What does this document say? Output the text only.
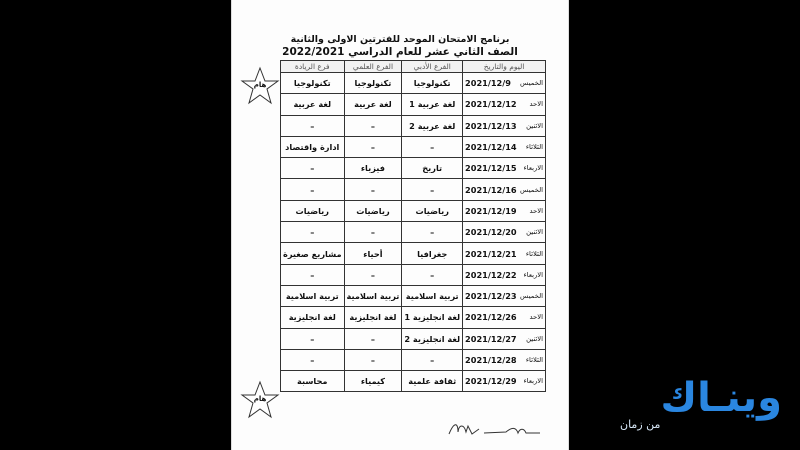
برنامج الامتحان الموحد للفترتين الاولى والثانية
الصف الثاني عشر للعام الدراسي 2022/2021
اليوم والتاريخ	الفرع الأدبي	الفرع العلمي	فرع الريادة

الخميس
2021/12/9	تكنولوجيا	تكنولوجيا	تكنولوجيا

الاحد
2021/12/12	لغة عربية 1	لغة عربية	لغة عربية

الاثنين
2021/12/13	لغة عربية 2	–	–

الثلاثاء
2021/12/14	–	–	ادارة واقتصاد

الاربعاء
2021/12/15	تاريخ	فيزياء	–

الخميس
2021/12/16	–	–	–

الاحد
2021/12/19	رياضيات	رياضيات	رياضيات

الاثنين
2021/12/20	–	–	–

الثلاثاء
2021/12/21	جغرافيا	أحياء	مشاريع صغيرة

الاربعاء
2021/12/22	–	–	–

الخميس
2021/12/23	تربية اسلامية	تربية اسلامية	تربية اسلامية

الاحد
2021/12/26	لغة انجليزية 1	لغة انجليزية	لغة انجليزية

الاثنين
2021/12/27	لغة انجليزية 2	–	–

الثلاثاء
2021/12/28	–	–	–

الاربعاء
2021/12/29	ثقافة علمية	كيمياء	محاسبة
هام
هام	وينـاك
من زمان
